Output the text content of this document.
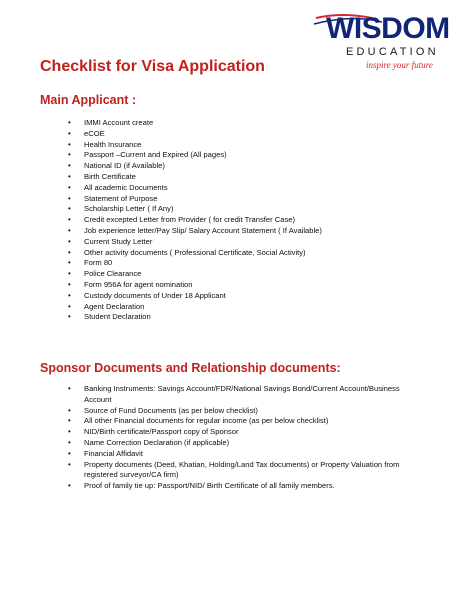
WISDOM
EDUCATION
inspire your future
Checklist for Visa Application
Main Applicant :
• IMMI Account create
• eCOE
• Health Insurance
• Passport –Current and Expired (All pages)
• National ID (if Available)
• Birth Certificate
• All academic Documents
• Statement of Purpose
• Scholarship Letter ( If Any)
• Credit excepted Letter from Provider ( for credit Transfer Case)
• Job experience letter/Pay Slip/ Salary Account Statement ( If Available)
• Current Study Letter
• Other activity documents ( Professional Certificate, Social Activity)
• Form 80
• Police Clearance
• Form 956A for agent nomination
• Custody documents of Under 18 Applicant
• Agent Declaration
• Student Declaration
Sponsor Documents and Relationship documents:
• Banking Instruments: Savings Account/FDR/National Savings Bond/Current Account/Business Account
• Source of Fund Documents (as per below checklist)
• All other Financial documents for regular income (as per below checklist)
• NID/Birth certificate/Passport copy of Sponsor
• Name Correction Declaration (if applicable)
• Financial Affidavit
• Property documents (Deed, Khatian, Holding/Land Tax documents) or Property Valuation from registered surveyor/CA firm)
• Proof of family tie up: Passport/NID/ Birth Certificate of all family members.
